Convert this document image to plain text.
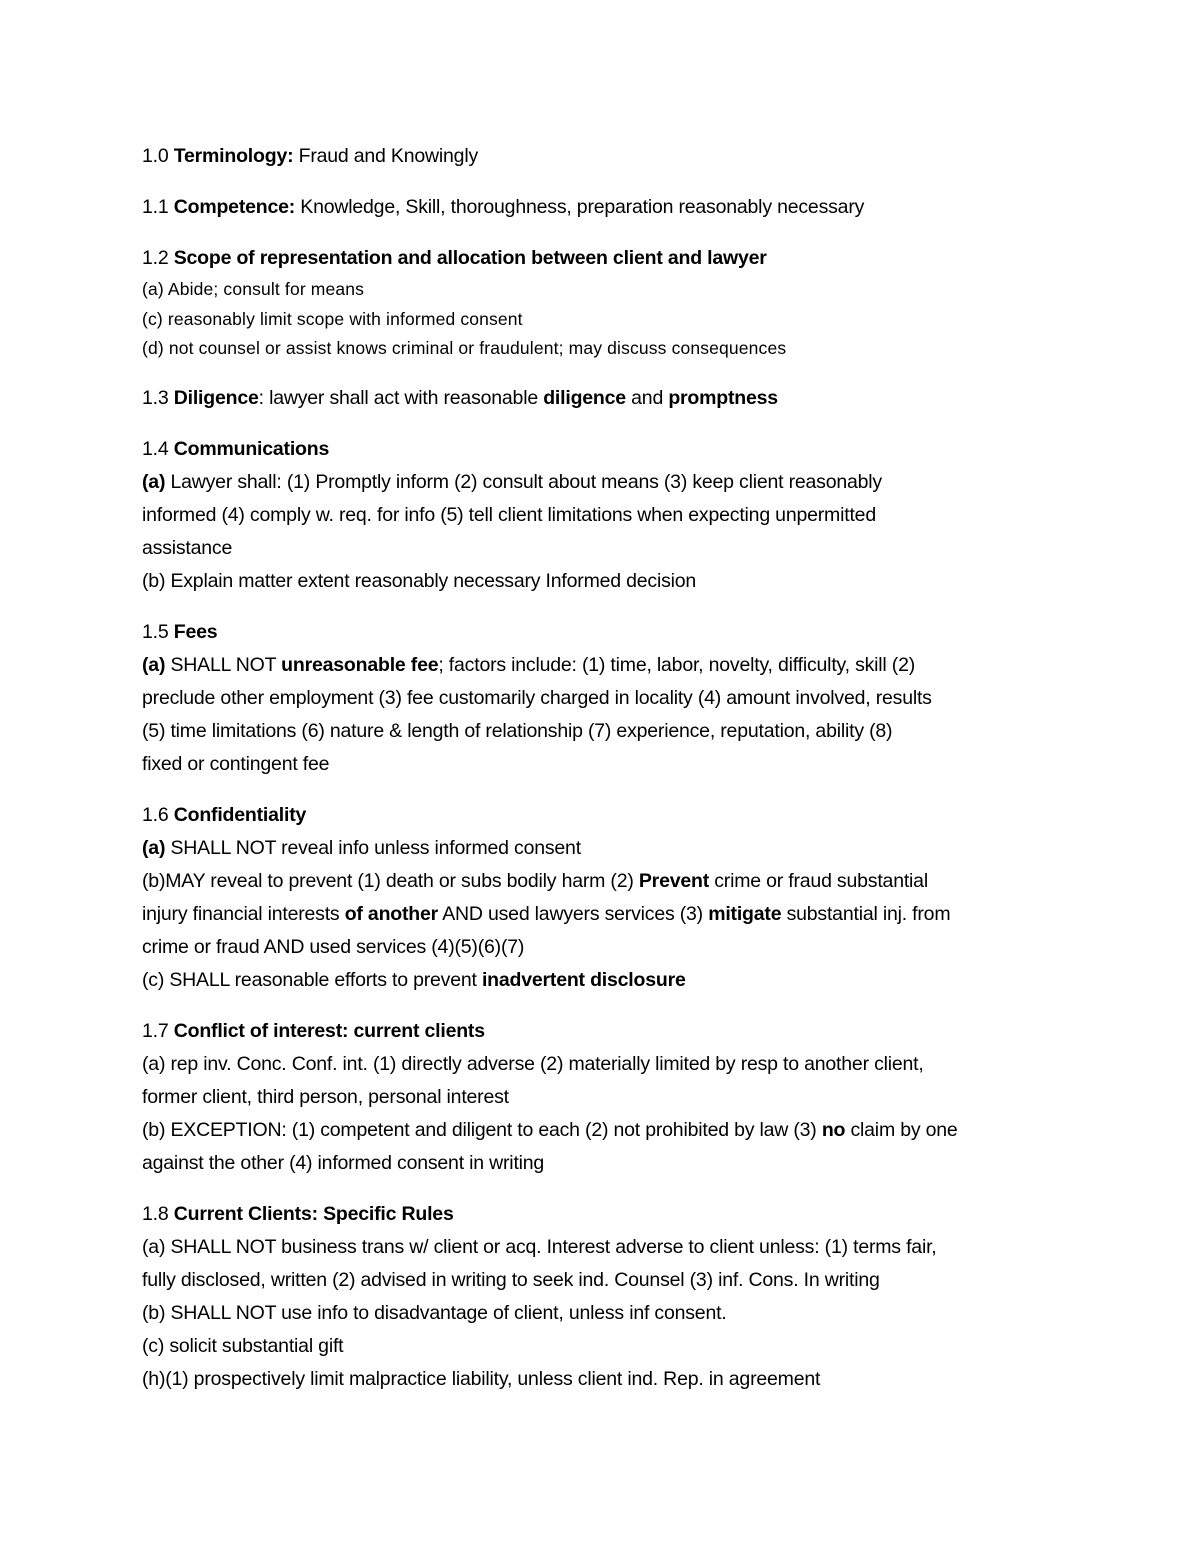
1.0 Terminology: Fraud and Knowingly
1.1 Competence: Knowledge, Skill, thoroughness, preparation reasonably necessary
1.2 Scope of representation and allocation between client and lawyer
(a) Abide; consult for means
(c) reasonably limit scope with informed consent
(d) not counsel or assist knows criminal or fraudulent; may discuss consequences
1.3 Diligence: lawyer shall act with reasonable diligence and promptness
1.4 Communications
(a) Lawyer shall: (1) Promptly inform (2) consult about means (3) keep client reasonably
informed (4) comply w. req. for info (5) tell client limitations when expecting unpermitted
assistance
(b) Explain matter extent reasonably necessary Informed decision
1.5 Fees
(a) SHALL NOT unreasonable fee; factors include: (1) time, labor, novelty, difficulty, skill (2)
preclude other employment (3) fee customarily charged in locality (4) amount involved, results
(5) time limitations (6) nature & length of relationship (7) experience, reputation, ability (8)
fixed or contingent fee
1.6 Confidentiality
(a) SHALL NOT reveal info unless informed consent
(b)MAY reveal to prevent (1) death or subs bodily harm (2) Prevent crime or fraud substantial
injury financial interests of another AND used lawyers services (3) mitigate substantial inj. from
crime or fraud AND used services (4)(5)(6)(7)
(c) SHALL reasonable efforts to prevent inadvertent disclosure
1.7 Conflict of interest: current clients
(a) rep inv. Conc. Conf. int. (1) directly adverse (2) materially limited by resp to another client,
former client, third person, personal interest
(b) EXCEPTION: (1) competent and diligent to each (2) not prohibited by law (3) no claim by one
against the other (4) informed consent in writing
1.8 Current Clients: Specific Rules
(a) SHALL NOT business trans w/ client or acq. Interest adverse to client unless: (1) terms fair,
fully disclosed, written (2) advised in writing to seek ind. Counsel (3) inf. Cons. In writing
(b) SHALL NOT use info to disadvantage of client, unless inf consent.
(c) solicit substantial gift
(h)(1) prospectively limit malpractice liability, unless client ind. Rep. in agreement
